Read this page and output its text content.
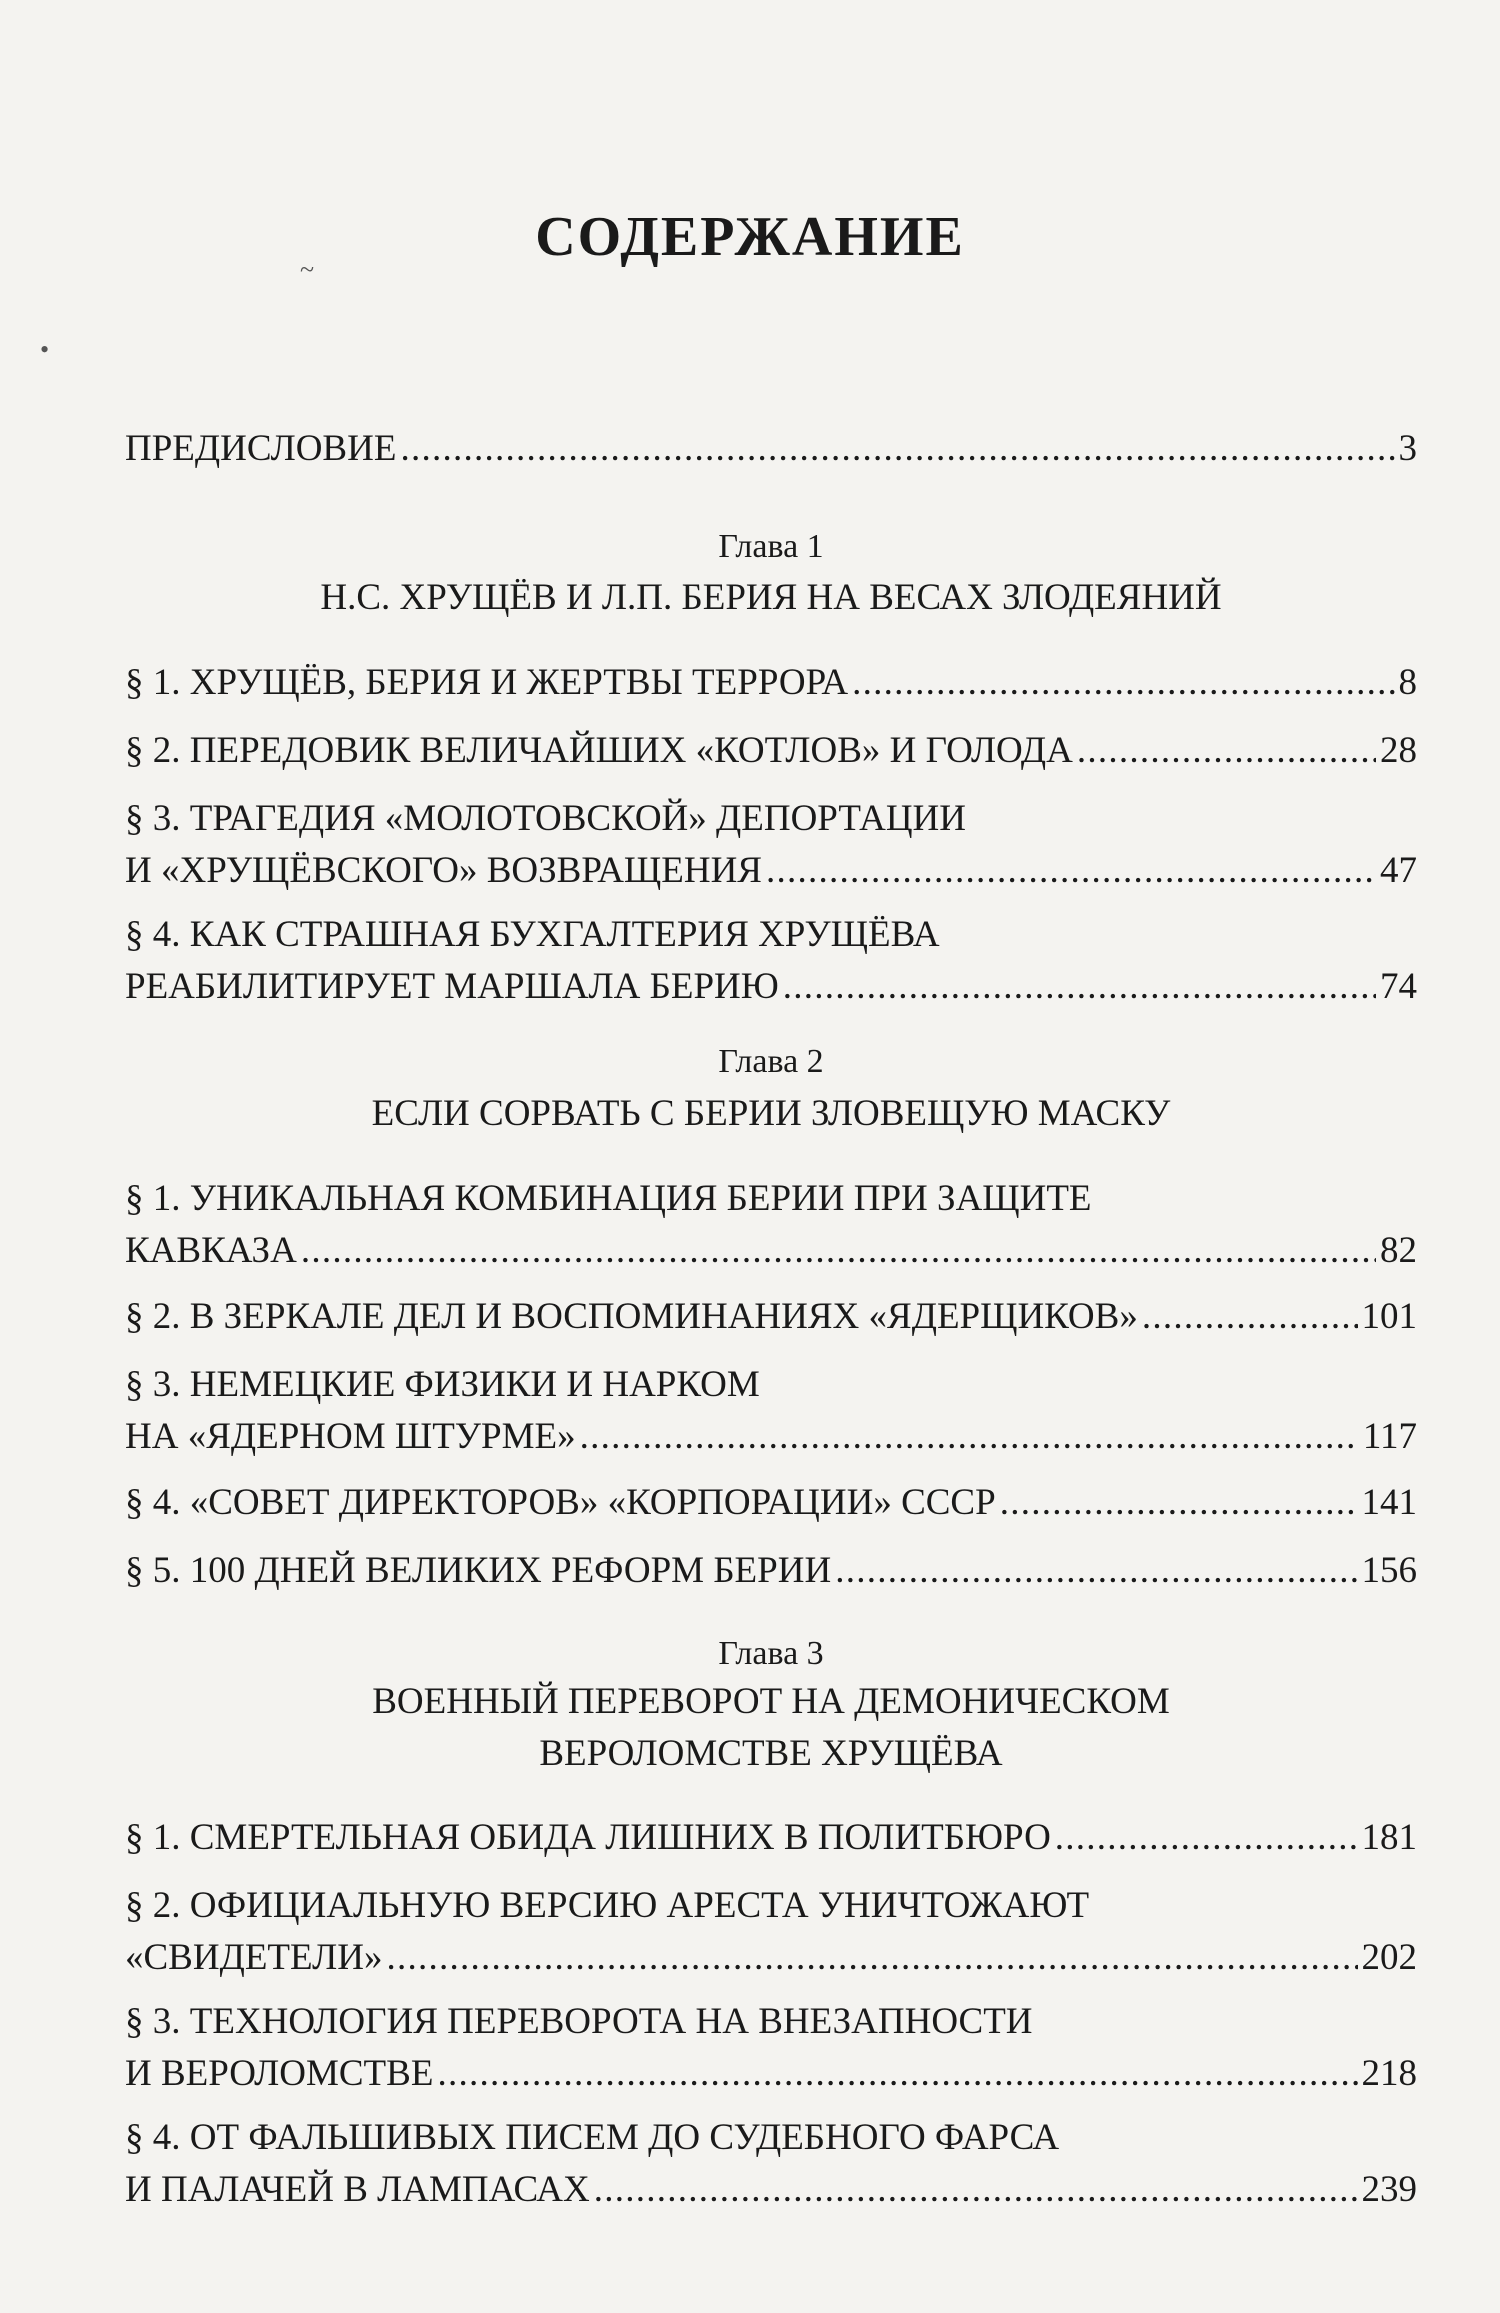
~
•
СОДЕРЖАНИЕ
ПРЕДИСЛОВИЕ . . .	3
Глава 1
Н.С. ХРУЩЁВ И Л.П. БЕРИЯ НА ВЕСАХ ЗЛОДЕЯНИЙ
§ 1. ХРУЩЁВ, БЕРИЯ И ЖЕРТВЫ ТЕРРОРА . . .	8
§ 2. ПЕРЕДОВИК ВЕЛИЧАЙШИХ «КОТЛОВ» И ГОЛОДА . . .	28
§ 3. ТРАГЕДИЯ «МОЛОТОВСКОЙ» ДЕПОРТАЦИИ
И «ХРУЩЁВСКОГО» ВОЗВРАЩЕНИЯ . . .	47
§ 4. КАК СТРАШНАЯ БУХГАЛТЕРИЯ ХРУЩЁВА
РЕАБИЛИТИРУЕТ МАРШАЛА БЕРИЮ . . .	74
Глава 2
ЕСЛИ СОРВАТЬ С БЕРИИ ЗЛОВЕЩУЮ МАСКУ
§ 1. УНИКАЛЬНАЯ КОМБИНАЦИЯ БЕРИИ ПРИ ЗАЩИТЕ
КАВКАЗА . . .	82
§ 2. В ЗЕРКАЛЕ ДЕЛ И ВОСПОМИНАНИЯХ «ЯДЕРЩИКОВ» . . .	101
§ 3. НЕМЕЦКИЕ ФИЗИКИ И НАРКОМ
НА «ЯДЕРНОМ ШТУРМЕ» . . .	117
§ 4. «СОВЕТ ДИРЕКТОРОВ» «КОРПОРАЦИИ» СССР . . .	141
§ 5. 100 ДНЕЙ ВЕЛИКИХ РЕФОРМ БЕРИИ . . .	156
Глава 3
ВОЕННЫЙ ПЕРЕВОРОТ НА ДЕМОНИЧЕСКОМ
ВЕРОЛОМСТВЕ ХРУЩЁВА
§ 1. СМЕРТЕЛЬНАЯ ОБИДА ЛИШНИХ В ПОЛИТБЮРО . . .	181
§ 2. ОФИЦИАЛЬНУЮ ВЕРСИЮ АРЕСТА УНИЧТОЖАЮТ
«СВИДЕТЕЛИ» . . .	202
§ 3. ТЕХНОЛОГИЯ ПЕРЕВОРОТА НА ВНЕЗАПНОСТИ
И ВЕРОЛОМСТВЕ . . .	218
§ 4. ОТ ФАЛЬШИВЫХ ПИСЕМ ДО СУДЕБНОГО ФАРСА
И ПАЛАЧЕЙ В ЛАМПАСАХ . . .	239
